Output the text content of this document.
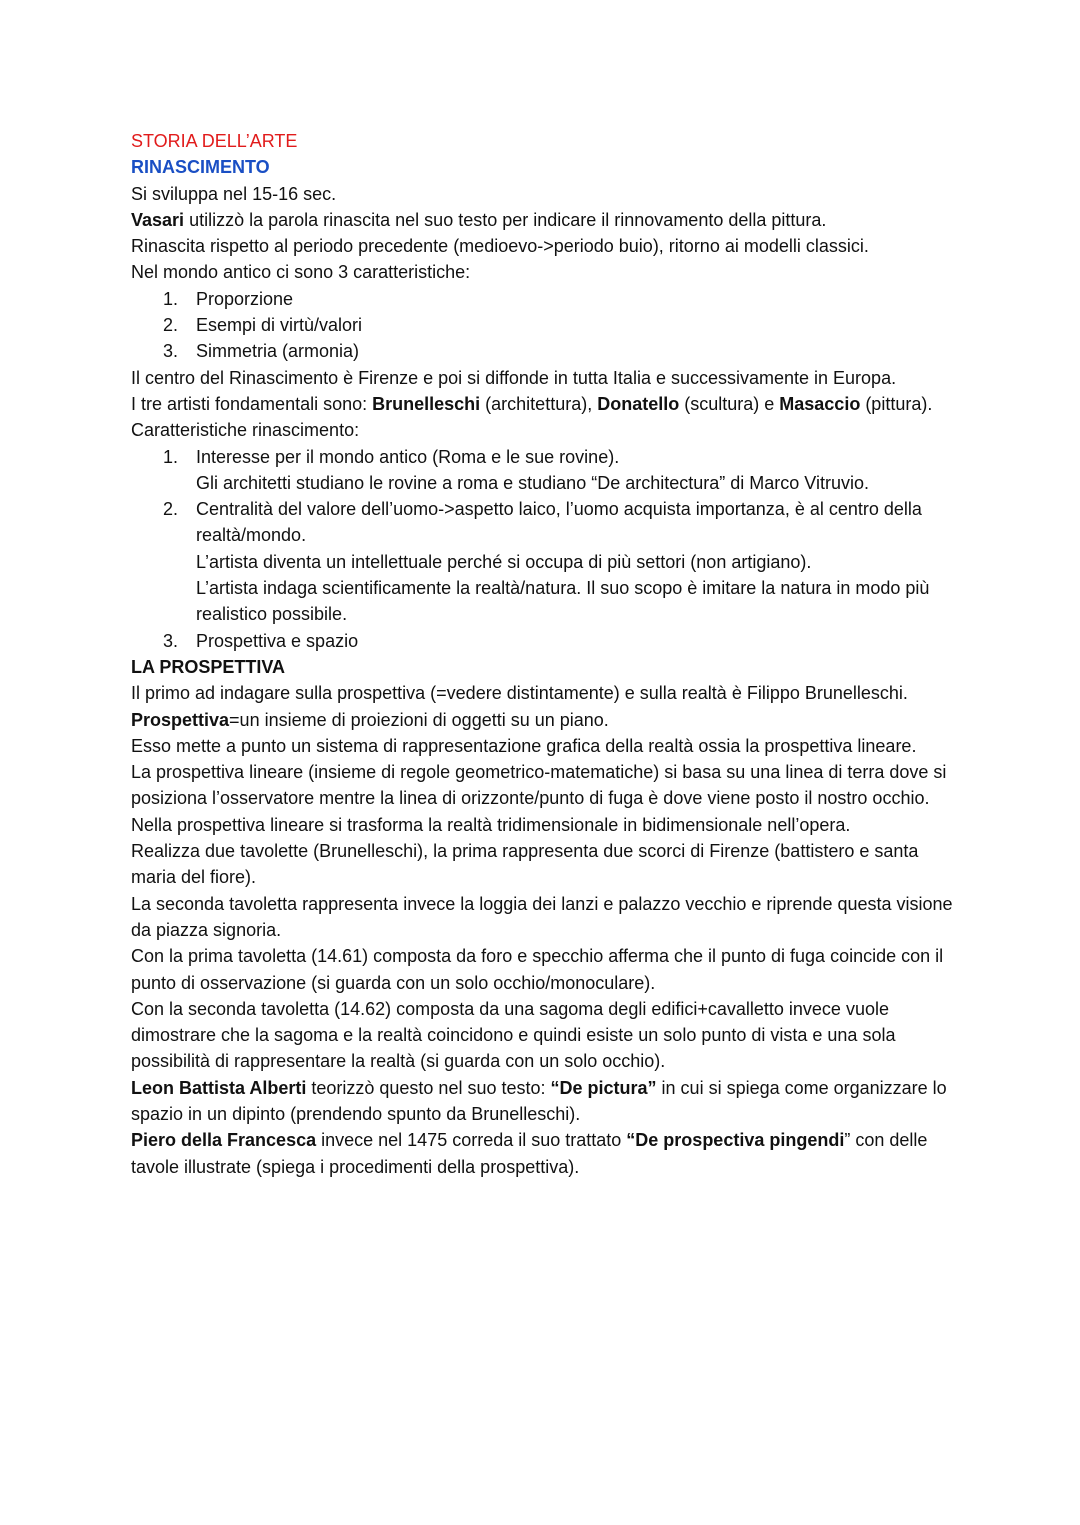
STORIA DELL’ARTE

RINASCIMENTO

Si sviluppa nel 15-16 sec.

Vasari utilizzò la parola rinascita nel suo testo per indicare il rinnovamento della pittura.

Rinascita rispetto al periodo precedente (medioevo->periodo buio), ritorno ai modelli classici.

Nel mondo antico ci sono 3 caratteristiche:

1. Proporzione
2. Esempi di virtù/valori
3. Simmetria (armonia)

Il centro del Rinascimento è Firenze e poi si diffonde in tutta Italia e successivamente in Europa.

I tre artisti fondamentali sono: Brunelleschi (architettura), Donatello (scultura) e Masaccio (pittura).

Caratteristiche rinascimento:

1. Interesse per il mondo antico (Roma e le sue rovine).

Gli architetti studiano le rovine a roma e studiano “De architectura” di Marco Vitruvio.

2. Centralità del valore dell’uomo->aspetto laico, l’uomo acquista importanza, è al centro della realtà/mondo.

L’artista diventa un intellettuale perché si occupa di più settori (non artigiano).

L’artista indaga scientificamente la realtà/natura. Il suo scopo è imitare la natura in modo più realistico possibile.

3. Prospettiva e spazio

LA PROSPETTIVA

Il primo ad indagare sulla prospettiva (=vedere distintamente) e sulla realtà è Filippo Brunelleschi.

Prospettiva=un insieme di proiezioni di oggetti su un piano.

Esso mette a punto un sistema di rappresentazione grafica della realtà ossia la prospettiva lineare.

La prospettiva lineare (insieme di regole geometrico-matematiche) si basa su una linea di terra dove si posiziona l’osservatore mentre la linea di orizzonte/punto di fuga è dove viene posto il nostro occhio.

Nella prospettiva lineare si trasforma la realtà tridimensionale in bidimensionale nell’opera.

Realizza due tavolette (Brunelleschi), la prima rappresenta due scorci di Firenze (battistero e santa maria del fiore).

La seconda tavoletta rappresenta invece la loggia dei lanzi e palazzo vecchio e riprende questa visione da piazza signoria.

Con la prima tavoletta (14.61) composta da foro e specchio afferma che il punto di fuga coincide con il punto di osservazione (si guarda con un solo occhio/monoculare).

Con la seconda tavoletta (14.62) composta da una sagoma degli edifici+cavalletto invece vuole dimostrare che la sagoma e la realtà coincidono e quindi esiste un solo punto di vista e una sola possibilità di rappresentare la realtà (si guarda con un solo occhio).

Leon Battista Alberti teorizzò questo nel suo testo: “De pictura” in cui si spiega come organizzare lo spazio in un dipinto (prendendo spunto da Brunelleschi).

Piero della Francesca invece nel 1475 correda il suo trattato “De prospectiva pingendi” con delle tavole illustrate (spiega i procedimenti della prospettiva).
